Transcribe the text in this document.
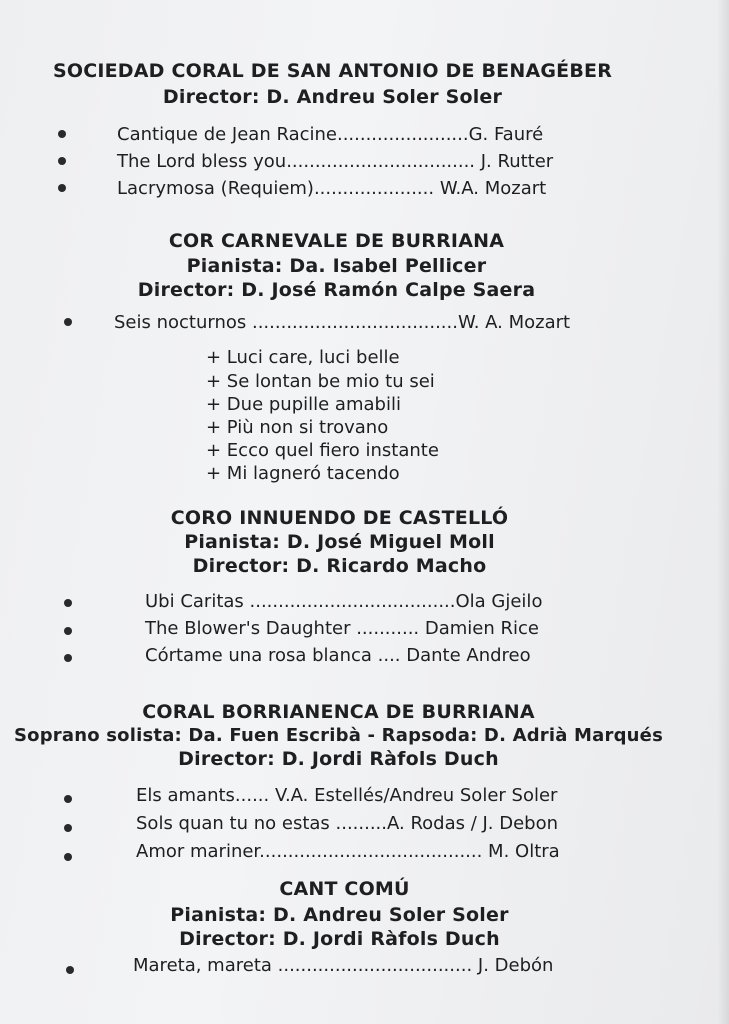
SOCIEDAD CORAL DE SAN ANTONIO DE BENAGÉBER
Director: D. Andreu Soler Soler
Cantique de Jean Racine.......................G. Fauré
The Lord bless you................................. J. Rutter
Lacrymosa (Requiem)..................... W.A. Mozart
COR CARNEVALE DE BURRIANA
Pianista: Da. Isabel Pellicer
Director: D. José Ramón Calpe Saera
Seis nocturnos ....................................W. A. Mozart
+ Luci care, luci belle
+ Se lontan be mio tu sei
+ Due pupille amabili
+ Più non si trovano
+ Ecco quel fiero instante
+ Mi lagneró tacendo
CORO INNUENDO DE CASTELLÓ
Pianista: D. José Miguel Moll
Director: D. Ricardo Macho
Ubi Caritas ....................................Ola Gjeilo
The Blower's Daughter ........... Damien Rice
Córtame una rosa blanca .... Dante Andreo
CORAL BORRIANENCA DE BURRIANA
Soprano solista: Da. Fuen Escribà - Rapsoda: D. Adrià Marqués
Director: D. Jordi Ràfols Duch
Els amants...... V.A. Estellés/Andreu Soler Soler
Sols quan tu no estas .........A. Rodas / J. Debon
Amor mariner....................................... M. Oltra
CANT COMÚ
Pianista: D. Andreu Soler Soler
Director: D. Jordi Ràfols Duch
Mareta, mareta .................................. J. Debón
